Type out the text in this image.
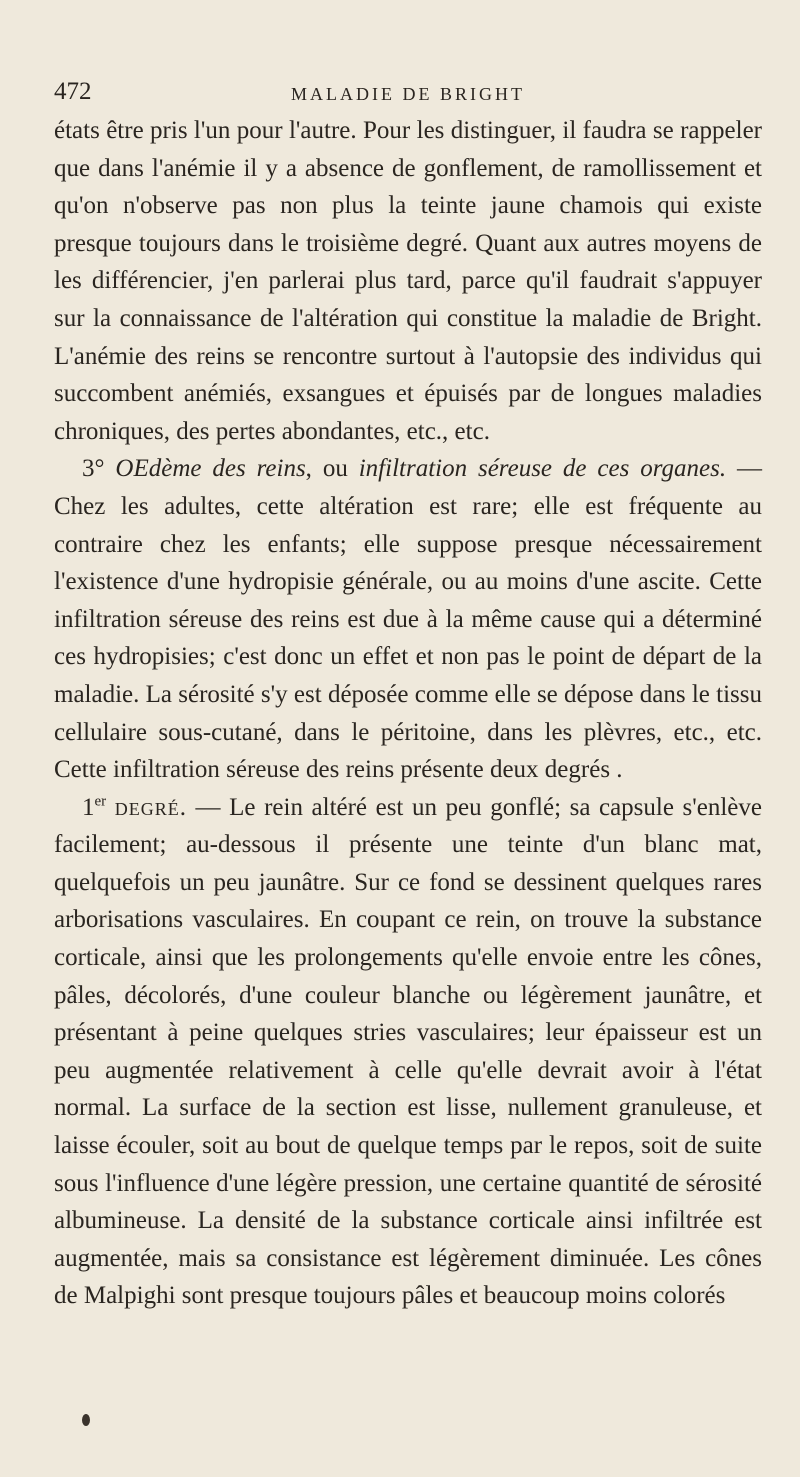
472	MALADIE DE BRIGHT

états être pris l'un pour l'autre. Pour les distinguer, il faudra se rappeler que dans l'anémie il y a absence de gonflement, de ramollissement et qu'on n'observe pas non plus la teinte jaune chamois qui existe presque toujours dans le troisième degré. Quant aux autres moyens de les différencier, j'en parlerai plus tard, parce qu'il faudrait s'appuyer sur la connaissance de l'altération qui constitue la maladie de Bright. L'anémie des reins se rencontre surtout à l'autopsie des individus qui succombent anémiés, exsangues et épuisés par de longues maladies chroniques, des pertes abondantes, etc., etc.

3° OEdème des reins, ou infiltration séreuse de ces organes. — Chez les adultes, cette altération est rare; elle est fréquente au contraire chez les enfants; elle suppose presque nécessairement l'existence d'une hydropisie générale, ou au moins d'une ascite. Cette infiltration séreuse des reins est due à la même cause qui a déterminé ces hydropisies; c'est donc un effet et non pas le point de départ de la maladie. La sérosité s'y est déposée comme elle se dépose dans le tissu cellulaire sous-cutané, dans le péritoine, dans les plèvres, etc., etc. Cette infiltration séreuse des reins présente deux degrés .

1er degré. — Le rein altéré est un peu gonflé; sa capsule s'enlève facilement; au-dessous il présente une teinte d'un blanc mat, quelquefois un peu jaunâtre. Sur ce fond se dessinent quelques rares arborisations vasculaires. En coupant ce rein, on trouve la substance corticale, ainsi que les prolongements qu'elle envoie entre les cônes, pâles, décolorés, d'une couleur blanche ou légèrement jaunâtre, et présentant à peine quelques stries vasculaires; leur épaisseur est un peu augmentée relativement à celle qu'elle devrait avoir à l'état normal. La surface de la section est lisse, nullement granuleuse, et laisse écouler, soit au bout de quelque temps par le repos, soit de suite sous l'influence d'une légère pression, une certaine quantité de sérosité albumineuse. La densité de la substance corticale ainsi infiltrée est augmentée, mais sa consistance est légèrement diminuée. Les cônes de Malpighi sont presque toujours pâles et beaucoup moins colorés
